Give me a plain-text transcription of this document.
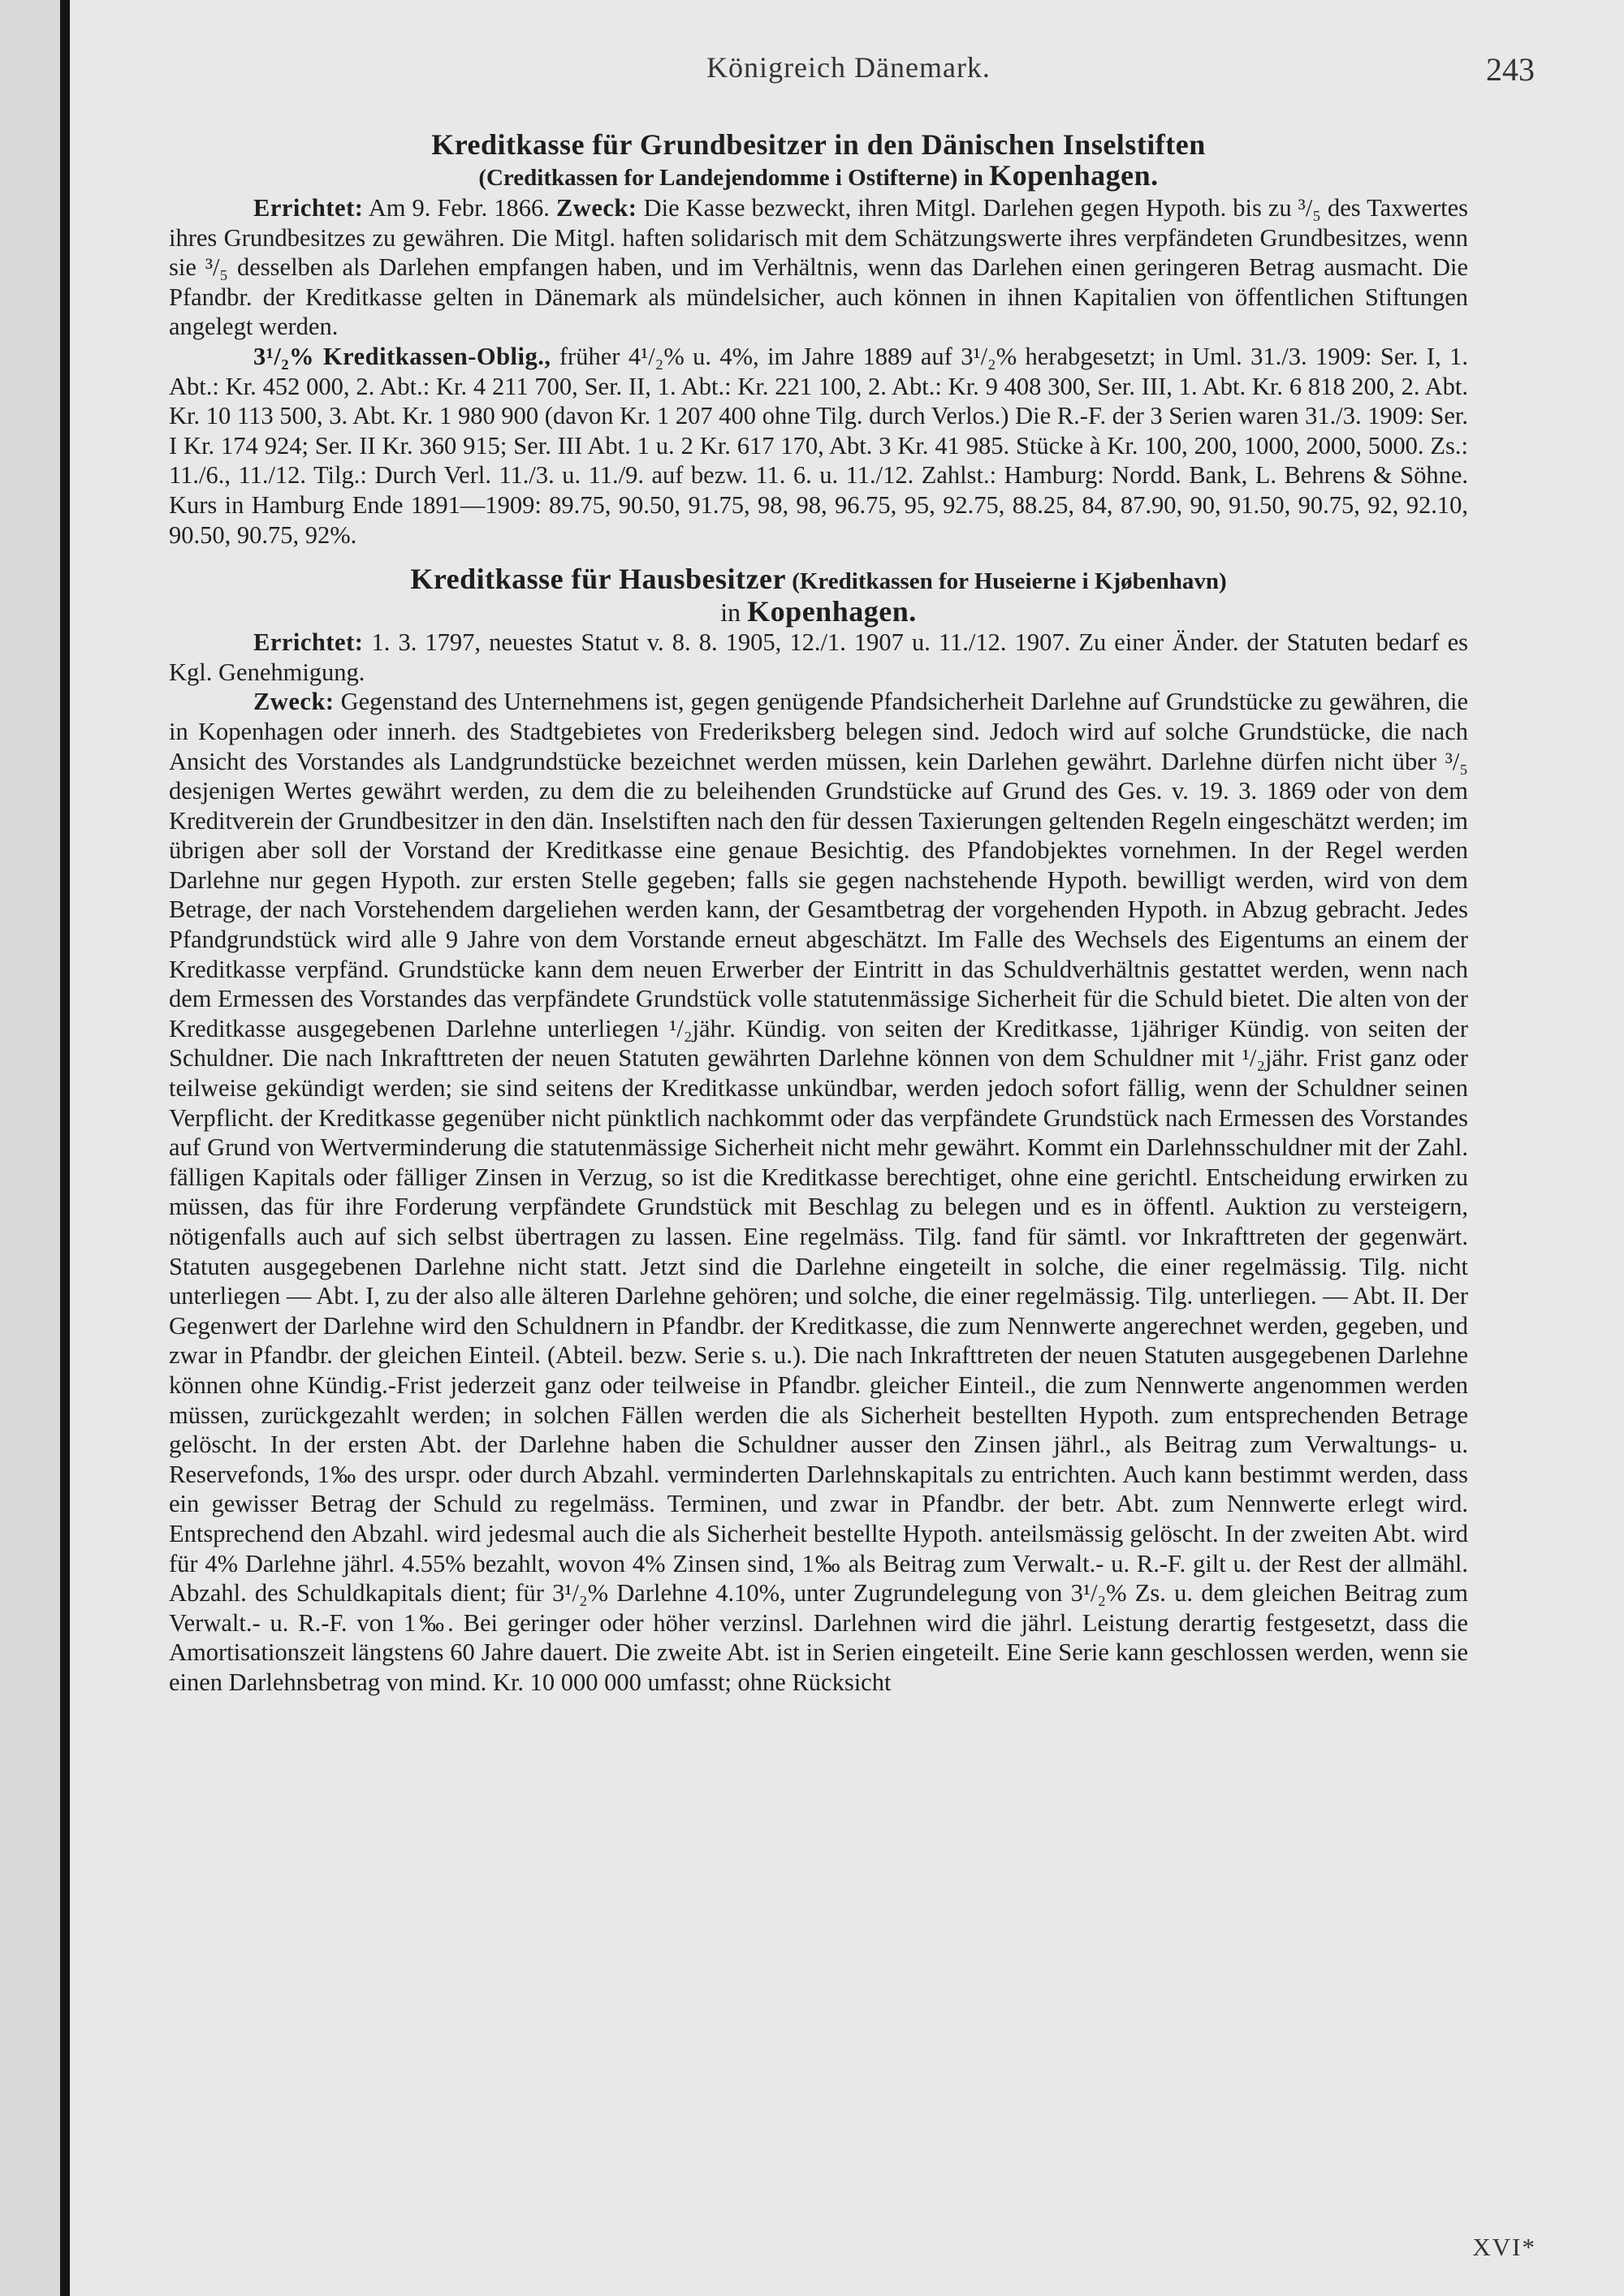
Königreich Dänemark.	243
Kreditkasse für Grundbesitzer in den Dänischen Inselstiften
(Creditkassen for Landejendomme i Ostifterne) in Kopenhagen.

Errichtet: Am 9. Febr. 1866. Zweck: Die Kasse bezweckt, ihren Mitgl. Darlehen gegen Hypoth. bis zu ³/₅ des Taxwertes ihres Grundbesitzes zu gewähren. Die Mitgl. haften solidarisch mit dem Schätzungswerte ihres verpfändeten Grundbesitzes, wenn sie ³/₅ desselben als Darlehen empfangen haben, und im Verhältnis, wenn das Darlehen einen geringeren Betrag ausmacht. Die Pfandbr. der Kreditkasse gelten in Dänemark als mündelsicher, auch können in ihnen Kapitalien von öffentlichen Stiftungen angelegt werden.

3¹/₂% Kreditkassen-Oblig., früher 4¹/₂% u. 4%, im Jahre 1889 auf 3¹/₂% herabgesetzt; in Uml. 31./3. 1909: Ser. I, 1. Abt.: Kr. 452 000, 2. Abt.: Kr. 4 211 700, Ser. II, 1. Abt.: Kr. 221 100, 2. Abt.: Kr. 9 408 300, Ser. III, 1. Abt. Kr. 6 818 200, 2. Abt. Kr. 10 113 500, 3. Abt. Kr. 1 980 900 (davon Kr. 1 207 400 ohne Tilg. durch Verlos.) Die R.-F. der 3 Serien waren 31./3. 1909: Ser. I Kr. 174 924; Ser. II Kr. 360 915; Ser. III Abt. 1 u. 2 Kr. 617 170, Abt. 3 Kr. 41 985. Stücke à Kr. 100, 200, 1000, 2000, 5000. Zs.: 11./6., 11./12. Tilg.: Durch Verl. 11./3. u. 11./9. auf bezw. 11. 6. u. 11./12. Zahlst.: Hamburg: Nordd. Bank, L. Behrens & Söhne. Kurs in Hamburg Ende 1891—1909: 89.75, 90.50, 91.75, 98, 98, 96.75, 95, 92.75, 88.25, 84, 87.90, 90, 91.50, 90.75, 92, 92.10, 90.50, 90.75, 92%.

Kreditkasse für Hausbesitzer (Kreditkassen for Huseierne i Kjøbenhavn)
in Kopenhagen.

Errichtet: 1. 3. 1797, neuestes Statut v. 8. 8. 1905, 12./1. 1907 u. 11./12. 1907. Zu einer Änder. der Statuten bedarf es Kgl. Genehmigung.

Zweck: Gegenstand des Unternehmens ist, gegen genügende Pfandsicherheit Darlehne auf Grundstücke zu gewähren, die in Kopenhagen oder innerh. des Stadtgebietes von Frederiksberg belegen sind. Jedoch wird auf solche Grundstücke, die nach Ansicht des Vorstandes als Landgrundstücke bezeichnet werden müssen, kein Darlehen gewährt. Darlehne dürfen nicht über ³/₅ desjenigen Wertes gewährt werden, zu dem die zu beleihenden Grundstücke auf Grund des Ges. v. 19. 3. 1869 oder von dem Kreditverein der Grundbesitzer in den dän. Inselstiften nach den für dessen Taxierungen geltenden Regeln eingeschätzt werden; im übrigen aber soll der Vorstand der Kreditkasse eine genaue Besichtig. des Pfandobjektes vornehmen. In der Regel werden Darlehne nur gegen Hypoth. zur ersten Stelle gegeben; falls sie gegen nachstehende Hypoth. bewilligt werden, wird von dem Betrage, der nach Vorstehendem dargeliehen werden kann, der Gesamtbetrag der vorgehenden Hypoth. in Abzug gebracht. Jedes Pfandgrundstück wird alle 9 Jahre von dem Vorstande erneut abgeschätzt. Im Falle des Wechsels des Eigentums an einem der Kreditkasse verpfänd. Grundstücke kann dem neuen Erwerber der Eintritt in das Schuldverhältnis gestattet werden, wenn nach dem Ermessen des Vorstandes das verpfändete Grundstück volle statutenmässige Sicherheit für die Schuld bietet. Die alten von der Kreditkasse ausgegebenen Darlehne unterliegen ¹/₂jähr. Kündig. von seiten der Kreditkasse, 1jähriger Kündig. von seiten der Schuldner. Die nach Inkrafttreten der neuen Statuten gewährten Darlehne können von dem Schuldner mit ¹/₂jähr. Frist ganz oder teilweise gekündigt werden; sie sind seitens der Kreditkasse unkündbar, werden jedoch sofort fällig, wenn der Schuldner seinen Verpflicht. der Kreditkasse gegenüber nicht pünktlich nachkommt oder das verpfändete Grundstück nach Ermessen des Vorstandes auf Grund von Wertverminderung die statutenmässige Sicherheit nicht mehr gewährt. Kommt ein Darlehnsschuldner mit der Zahl. fälligen Kapitals oder fälliger Zinsen in Verzug, so ist die Kreditkasse berechtiget, ohne eine gerichtl. Entscheidung erwirken zu müssen, das für ihre Forderung verpfändete Grundstück mit Beschlag zu belegen und es in öffentl. Auktion zu versteigern, nötigenfalls auch auf sich selbst übertragen zu lassen. Eine regelmäss. Tilg. fand für sämtl. vor Inkrafttreten der gegenwärt. Statuten ausgegebenen Darlehne nicht statt. Jetzt sind die Darlehne eingeteilt in solche, die einer regelmässig. Tilg. nicht unterliegen — Abt. I, zu der also alle älteren Darlehne gehören; und solche, die einer regelmässig. Tilg. unterliegen. — Abt. II. Der Gegenwert der Darlehne wird den Schuldnern in Pfandbr. der Kreditkasse, die zum Nennwerte angerechnet werden, gegeben, und zwar in Pfandbr. der gleichen Einteil. (Abteil. bezw. Serie s. u.). Die nach Inkrafttreten der neuen Statuten ausgegebenen Darlehne können ohne Kündig.-Frist jederzeit ganz oder teilweise in Pfandbr. gleicher Einteil., die zum Nennwerte angenommen werden müssen, zurückgezahlt werden; in solchen Fällen werden die als Sicherheit bestellten Hypoth. zum entsprechenden Betrage gelöscht. In der ersten Abt. der Darlehne haben die Schuldner ausser den Zinsen jährl., als Beitrag zum Verwaltungs- u. Reservefonds, 1‰ des urspr. oder durch Abzahl. verminderten Darlehnskapitals zu entrichten. Auch kann bestimmt werden, dass ein gewisser Betrag der Schuld zu regelmäss. Terminen, und zwar in Pfandbr. der betr. Abt. zum Nennwerte erlegt wird. Entsprechend den Abzahl. wird jedesmal auch die als Sicherheit bestellte Hypoth. anteilsmässig gelöscht. In der zweiten Abt. wird für 4% Darlehne jährl. 4.55% bezahlt, wovon 4% Zinsen sind, 1‰ als Beitrag zum Verwalt.- u. R.-F. gilt u. der Rest der allmähl. Abzahl. des Schuldkapitals dient; für 3¹/₂% Darlehne 4.10%, unter Zugrundelegung von 3¹/₂% Zs. u. dem gleichen Beitrag zum Verwalt.- u. R.-F. von 1‰. Bei geringer oder höher verzinsl. Darlehnen wird die jährl. Leistung derartig festgesetzt, dass die Amortisationszeit längstens 60 Jahre dauert. Die zweite Abt. ist in Serien eingeteilt. Eine Serie kann geschlossen werden, wenn sie einen Darlehnsbetrag von mind. Kr. 10 000 000 umfasst; ohne Rücksicht

XVI*
